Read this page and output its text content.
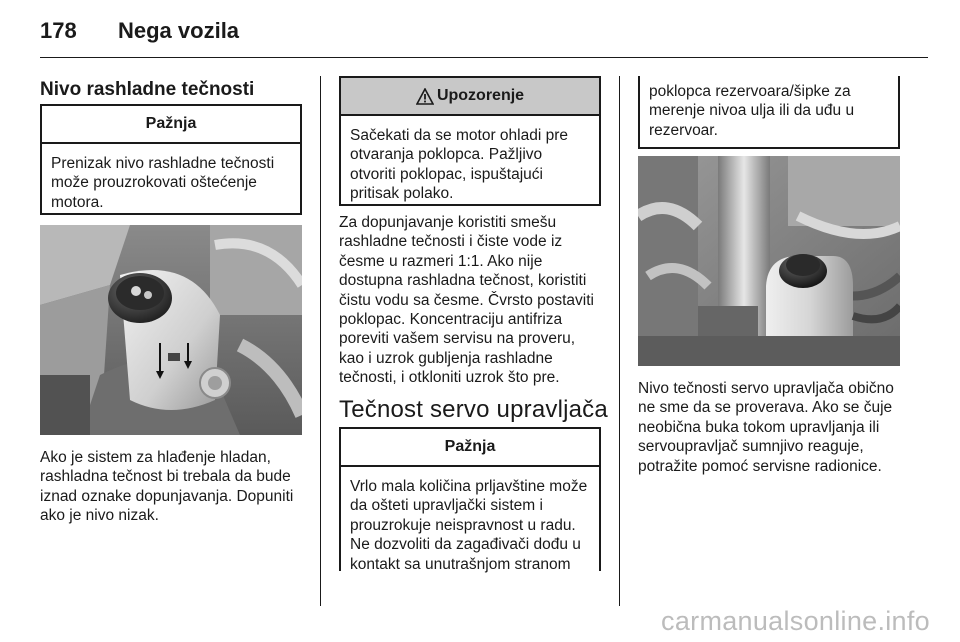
178 Nega vozila
Nivo rashladne tečnosti
Pažnja
Prenizak nivo rashladne tečnosti
može prouzrokovati oštećenje
motora.
Ako je sistem za hlađenje hladan,
rashladna tečnost bi trebala da bude
iznad oznake dopunjavanja. Dopuniti
ako je nivo nizak.
Upozorenje
Sačekati da se motor ohladi pre
otvaranja poklopca. Pažljivo
otvoriti poklopac, ispuštajući
pritisak polako.
Za dopunjavanje koristiti smešu
rashladne tečnosti i čiste vode iz
česme u razmeri 1:1. Ako nije
dostupna rashladna tečnost, koristiti
čistu vodu sa česme. Čvrsto postaviti
poklopac. Koncentraciju antifriza
poreviti vašem servisu na proveru,
kao i uzrok gubljenja rashladne
tečnosti, i otkloniti uzrok što pre.
Tečnost servo upravljača
Pažnja
Vrlo mala količina prljavštine može
da ošteti upravljački sistem i
prouzrokuje neispravnost u radu.
Ne dozvoliti da zagađivači dođu u
kontakt sa unutrašnjom stranom
poklopca rezervoara/šipke za
merenje nivoa ulja ili da uđu u
rezervoar.
Nivo tečnosti servo upravljača obično
ne sme da se proverava. Ako se čuje
neobična buka tokom upravljanja ili
servoupravljač sumnjivo reaguje,
potražite pomoć servisne radionice.
carmanualsonline.info
